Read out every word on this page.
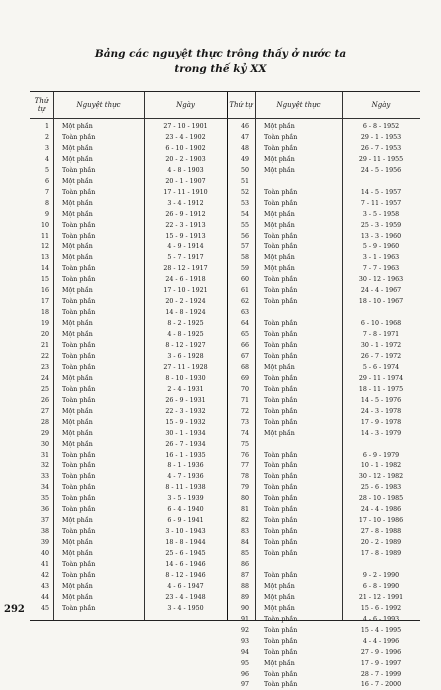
Bảng các nguyệt thực trông thấy ở nước ta
trong thế kỷ XX
Thứ tự	Nguyệt thực	Ngày	Thứ tự	Nguyệt thực	Ngày
1 Một phần	27 - 10 - 1901
2 Toàn phần	23 - 4 - 1902
3 Một phần	6 - 10 - 1902
4 Một phần	20 - 2 - 1903
5 Toàn phần	4 - 8 - 1903
6 Một phần	20 - 1 - 1907
7 Toàn phần	17 - 11 - 1910
8 Một phần	3 - 4 - 1912
9 Một phần	26 - 9 - 1912
10 Toàn phần	22 - 3 - 1913
11 Toàn phần	15 - 9 - 1913
12 Một phần	4 - 9 - 1914
13 Một phần	5 - 7 - 1917
14 Toàn phần	28 - 12 - 1917
15 Toàn phần	24 - 6 - 1918
16 Một phần	17 - 10 - 1921
17 Toàn phần	20 - 2 - 1924
18 Toàn phần	14 - 8 - 1924
19 Một phần	8 - 2 - 1925
20 Một phần	4 - 8 - 1925
21 Toàn phần	8 - 12 - 1927
22 Toàn phần	3 - 6 - 1928
23 Toàn phần	27 - 11 - 1928
24 Một phần	8 - 10 - 1930
25 Toàn phần	2 - 4 - 1931
26 Toàn phần	26 - 9 - 1931
27 Một phần	22 - 3 - 1932
28 Một phần	15 - 9 - 1932
29 Một phần	30 - 1 - 1934
30 Một phần	26 - 7 - 1934
31 Toàn phần	16 - 1 - 1935
32 Toàn phần	8 - 1 - 1936
33 Toàn phần	4 - 7 - 1936
34 Toàn phần	8 - 11 - 1938
35 Toàn phần	3 - 5 - 1939
36 Toàn phần	6 - 4 - 1940
37 Một phần	6 - 9 - 1941
38 Toàn phần	3 - 10 - 1943
39 Một phần	18 - 8 - 1944
40 Một phần	25 - 6 - 1945
41 Toàn phần	14 - 6 - 1946
42 Toàn phần	8 - 12 - 1946
43 Một phần	4 - 6 - 1947
44 Một phần	23 - 4 - 1948
45 Toàn phần	3 - 4 - 1950
46 Một phần	6 - 8 - 1952
47 Toàn phần	29 - 1 - 1953
48 Toàn phần	26 - 7 - 1953
49 Một phần	29 - 11 - 1955
50 Một phần	24 - 5 - 1956
51
52 Toàn phần	14 - 5 - 1957
53 Toàn phần	7 - 11 - 1957
54 Một phần	3 - 5 - 1958
55 Một phần	25 - 3 - 1959
56 Toàn phần	13 - 3 - 1960
57 Toàn phần	5 - 9 - 1960
58 Một phần	3 - 1 - 1963
59 Một phần	7 - 7 - 1963
60 Toàn phần	30 - 12 - 1963
61 Toàn phần	24 - 4 - 1967
62 Toàn phần	18 - 10 - 1967
63
64 Toàn phần	6 - 10 - 1968
65 Toàn phần	7 - 8 - 1971
66 Toàn phần	30 - 1 - 1972
67 Toàn phần	26 - 7 - 1972
68 Một phần	5 - 6 - 1974
69 Toàn phần	29 - 11 - 1974
70 Toàn phần	18 - 11 - 1975
71 Toàn phần	14 - 5 - 1976
72 Toàn phần	24 - 3 - 1978
73 Toàn phần	17 - 9 - 1978
74 Một phần	14 - 3 - 1979
75
76 Toàn phần	6 - 9 - 1979
77 Toàn phần	10 - 1 - 1982
78 Toàn phần	30 - 12 - 1982
79 Toàn phần	25 - 6 - 1983
80 Toàn phần	28 - 10 - 1985
81 Toàn phần	24 - 4 - 1986
82 Toàn phần	17 - 10 - 1986
83 Toàn phần	27 - 8 - 1988
84 Toàn phần	20 - 2 - 1989
85 Toàn phần	17 - 8 - 1989
86
87 Toàn phần	9 - 2 - 1990
88 Một phần	6 - 8 - 1990
89 Một phần	21 - 12 - 1991
90 Một phần	15 - 6 - 1992
91 Toàn phần	4 - 6 - 1993
92 Toàn phần	15 - 4 - 1995
93 Toàn phần	4 - 4 - 1996
94 Toàn phần	27 - 9 - 1996
95 Một phần	17 - 9 - 1997
96 Toàn phần	28 - 7 - 1999
97 Toàn phần	16 - 7 - 2000
292
